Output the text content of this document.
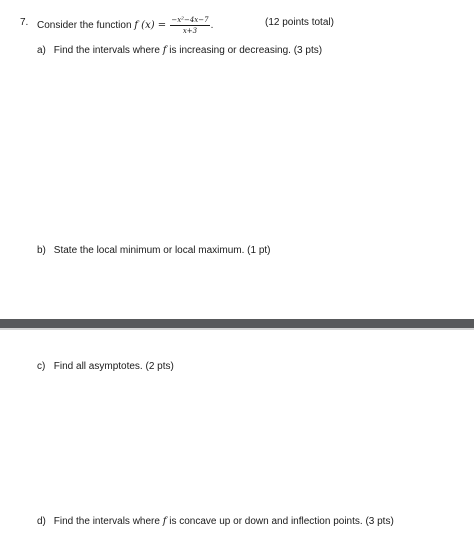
7. Consider the function f $(x) = \frac{\text{−x²−4x−7}}{x+3}$ .	(12 points total)
a) Find the intervals where f is increasing or decreasing. (3 pts)
b) State the local minimum or local maximum. (1 pt)
c) Find all asymptotes. (2 pts)
d) Find the intervals where f is concave up or down and inflection points. (3 pts)
